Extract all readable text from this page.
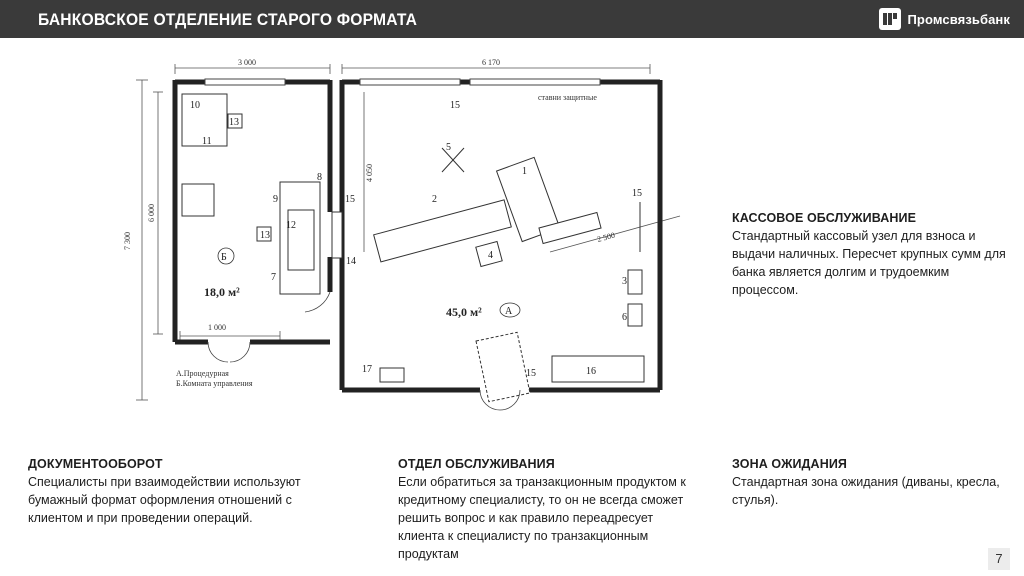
БАНКОВСКОЕ ОТДЕЛЕНИЕ СТАРОГО ФОРМАТА	Промсвязьбанк
3 000	6 170
7 300
6 000
4 050
2 500
1 000
ставни защитные
1
2
3
4
5
6
7
8
9
10
11
12
13
13
14
15
15
15
15	16
17
Б
18,0 м²
А
45,0 м²
А.Процедурная
Б.Комната управления
КАССОВОЕ ОБСЛУЖИВАНИЕ

Стандартный кассовый узел для взноса и выдачи наличных. Пересчет крупных сумм для банка является долгим и трудоемким процессом.

ДОКУМЕНТООБОРОТ

Специалисты при взаимодействии используют бумажный формат оформления отношений с клиентом и при проведении операций.

ОТДЕЛ ОБСЛУЖИВАНИЯ

Если обратиться за транзакционным продуктом к кредитному специалисту, то он не всегда сможет решить вопрос и как правило переадресует клиента к специалисту по транзакционным продуктам

ЗОНА ОЖИДАНИЯ

Стандартная зона ожидания (диваны, кресла, стулья).

7
